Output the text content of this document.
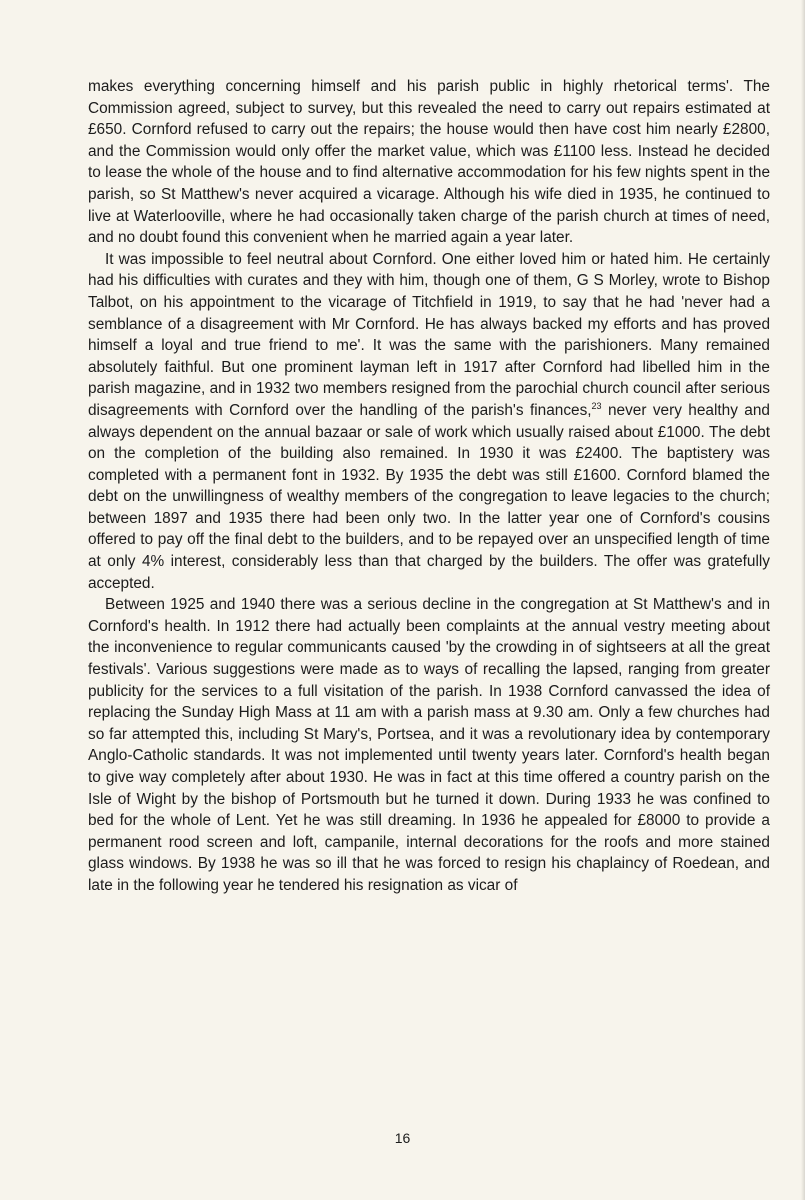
makes everything concerning himself and his parish public in highly rhetorical terms'. The Commission agreed, subject to survey, but this revealed the need to carry out repairs estimated at £650. Cornford refused to carry out the repairs; the house would then have cost him nearly £2800, and the Commission would only offer the market value, which was £1100 less. Instead he decided to lease the whole of the house and to find alternative accommodation for his few nights spent in the parish, so St Matthew's never acquired a vicarage. Although his wife died in 1935, he continued to live at Waterlooville, where he had occasionally taken charge of the parish church at times of need, and no doubt found this convenient when he married again a year later.

It was impossible to feel neutral about Cornford. One either loved him or hated him. He certainly had his difficulties with curates and they with him, though one of them, G S Morley, wrote to Bishop Talbot, on his appointment to the vicarage of Titchfield in 1919, to say that he had 'never had a semblance of a disagreement with Mr Cornford. He has always backed my efforts and has proved himself a loyal and true friend to me'. It was the same with the parishioners. Many remained absolutely faithful. But one prominent layman left in 1917 after Cornford had libelled him in the parish magazine, and in 1932 two members resigned from the parochial church council after serious disagreements with Cornford over the handling of the parish's finances,$^{23}$ never very healthy and always dependent on the annual bazaar or sale of work which usually raised about £1000. The debt on the completion of the building also remained. In 1930 it was £2400. The baptistery was completed with a permanent font in 1932. By 1935 the debt was still £1600. Cornford blamed the debt on the unwillingness of wealthy members of the congregation to leave legacies to the church; between 1897 and 1935 there had been only two. In the latter year one of Cornford's cousins offered to pay off the final debt to the builders, and to be repayed over an unspecified length of time at only 4% interest, considerably less than that charged by the builders. The offer was gratefully accepted.

Between 1925 and 1940 there was a serious decline in the congregation at St Matthew's and in Cornford's health. In 1912 there had actually been complaints at the annual vestry meeting about the inconvenience to regular communicants caused 'by the crowding in of sightseers at all the great festivals'. Various suggestions were made as to ways of recalling the lapsed, ranging from greater publicity for the services to a full visitation of the parish. In 1938 Cornford canvassed the idea of replacing the Sunday High Mass at 11 am with a parish mass at 9.30 am. Only a few churches had so far attempted this, including St Mary's, Portsea, and it was a revolutionary idea by contemporary Anglo-Catholic standards. It was not implemented until twenty years later. Cornford's health began to give way completely after about 1930. He was in fact at this time offered a country parish on the Isle of Wight by the bishop of Portsmouth but he turned it down. During 1933 he was confined to bed for the whole of Lent. Yet he was still dreaming. In 1936 he appealed for £8000 to provide a permanent rood screen and loft, campanile, internal decorations for the roofs and more stained glass windows. By 1938 he was so ill that he was forced to resign his chaplaincy of Roedean, and late in the following year he tendered his resignation as vicar of

16
